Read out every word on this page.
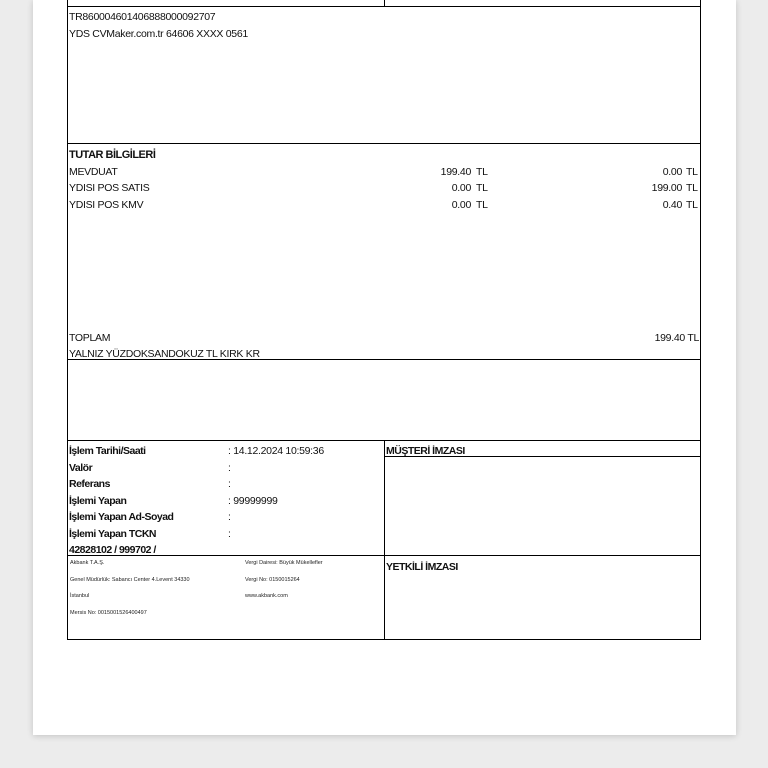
TR860004601406888000092707
YDS CVMaker.com.tr 64606 XXXX 0561
TUTAR BİLGİLERİ
MEVDUAT	199.40 TL	0.00 TL
YDISI POS SATIS	0.00 TL	199.00 TL
YDISI POS KMV	0.00 TL	0.40 TL
TOPLAM	199.40 TL
YALNIZ YÜZDOKSANDOKUZ TL KIRK KR
İşlem Tarihi/Saati	: 14.12.2024 10:59:36
Valör	:
Referans	:
İşlemi Yapan	: 99999999
İşlemi Yapan Ad-Soyad	:
İşlemi Yapan TCKN	:
42828102 / 999702 /
MÜŞTERİ İMZASI
YETKİLİ İMZASI
Akbank T.A.Ş.
Genel Müdürlük: Sabancı Center 4.Levent 34330
İstanbul
Mersis No: 0015001526400497
Vergi Dairesi: Büyük Mükellefler
Vergi No: 0150015264
www.akbank.com
